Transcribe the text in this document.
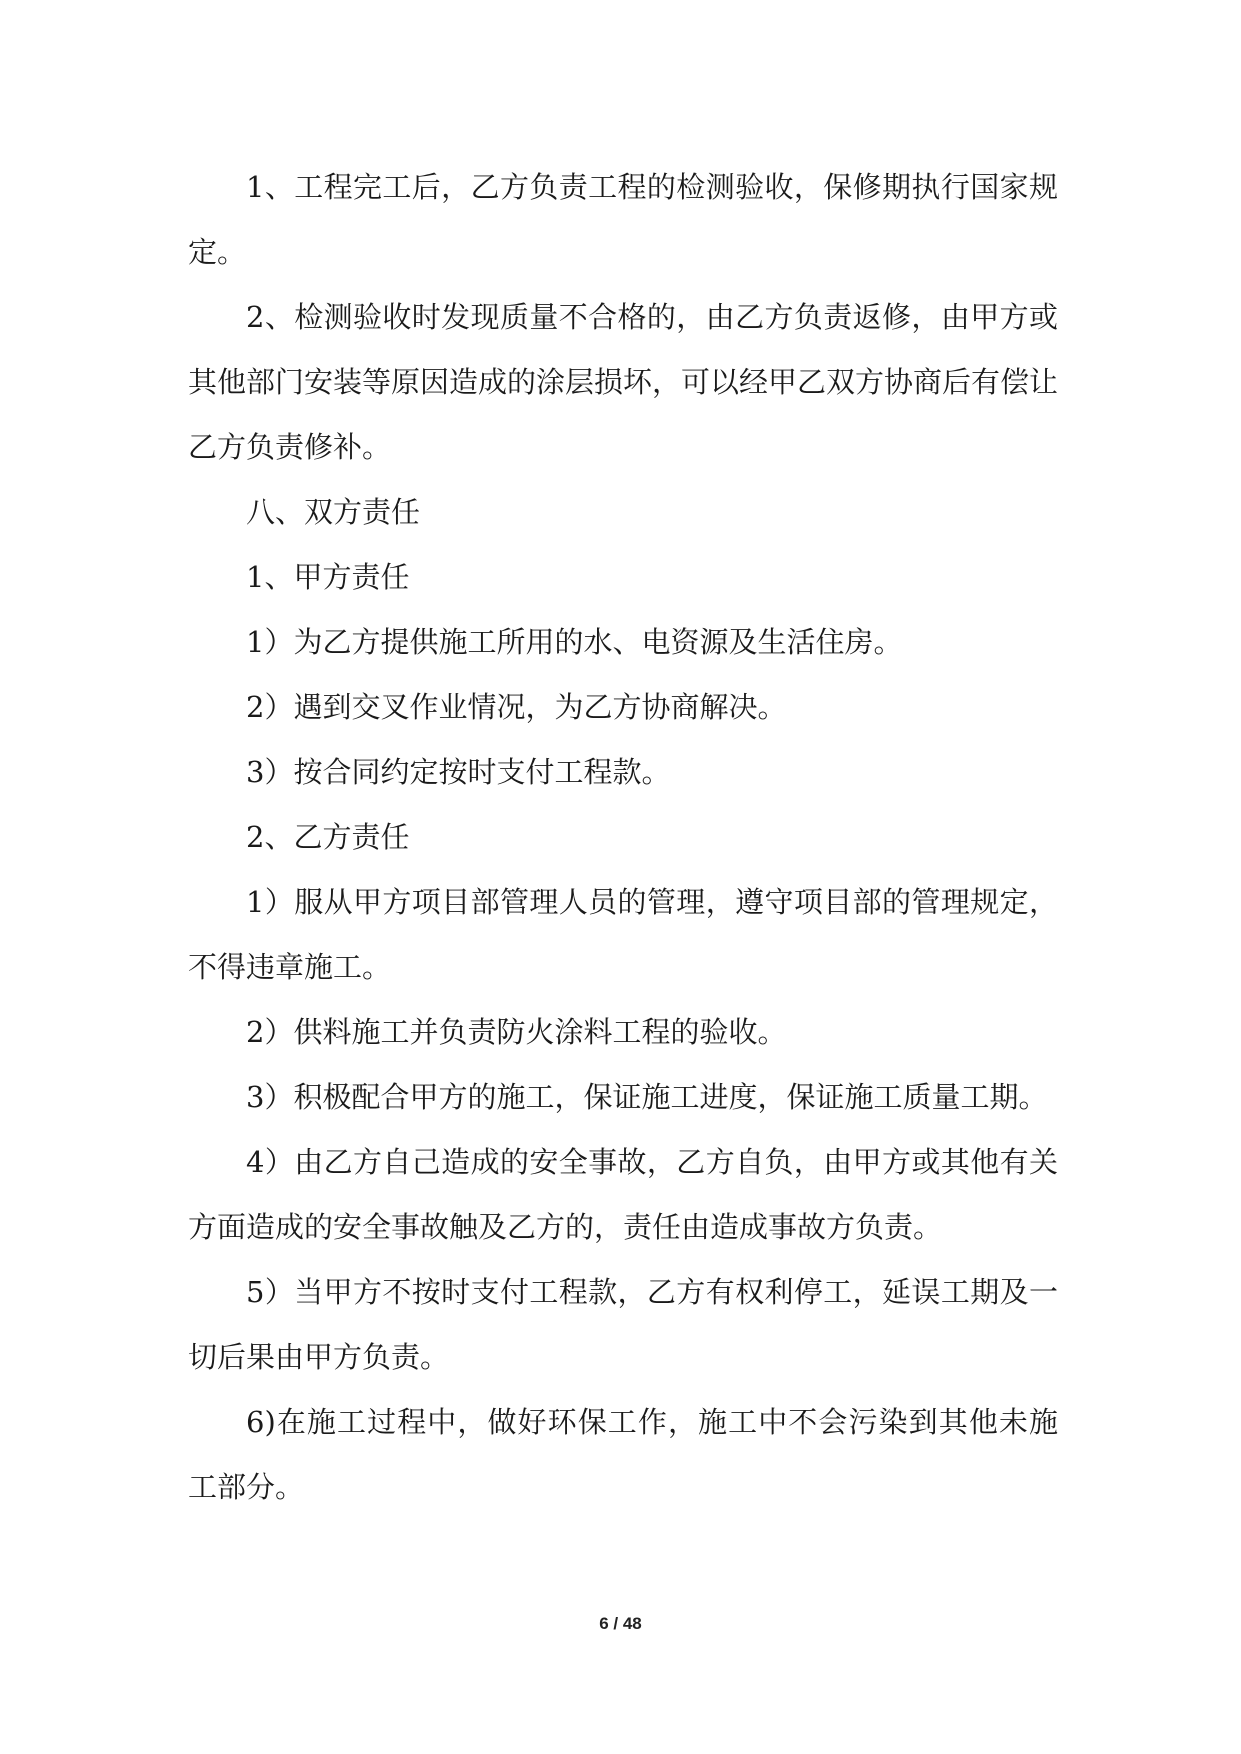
1、工程完工后，乙方负责工程的检测验收，保修期执行国家规定。

2、检测验收时发现质量不合格的，由乙方负责返修，由甲方或其他部门安装等原因造成的涂层损坏，可以经甲乙双方协商后有偿让乙方负责修补。

八、双方责任

1、甲方责任

1）为乙方提供施工所用的水、电资源及生活住房。

2）遇到交叉作业情况，为乙方协商解决。

3）按合同约定按时支付工程款。

2、乙方责任

1）服从甲方项目部管理人员的管理，遵守项目部的管理规定，不得违章施工。

2）供料施工并负责防火涂料工程的验收。

3）积极配合甲方的施工，保证施工进度，保证施工质量工期。

4）由乙方自己造成的安全事故，乙方自负，由甲方或其他有关方面造成的安全事故触及乙方的，责任由造成事故方负责。

5）当甲方不按时支付工程款，乙方有权利停工，延误工期及一切后果由甲方负责。

6)在施工过程中，做好环保工作，施工中不会污染到其他未施工部分。

6 / 48
